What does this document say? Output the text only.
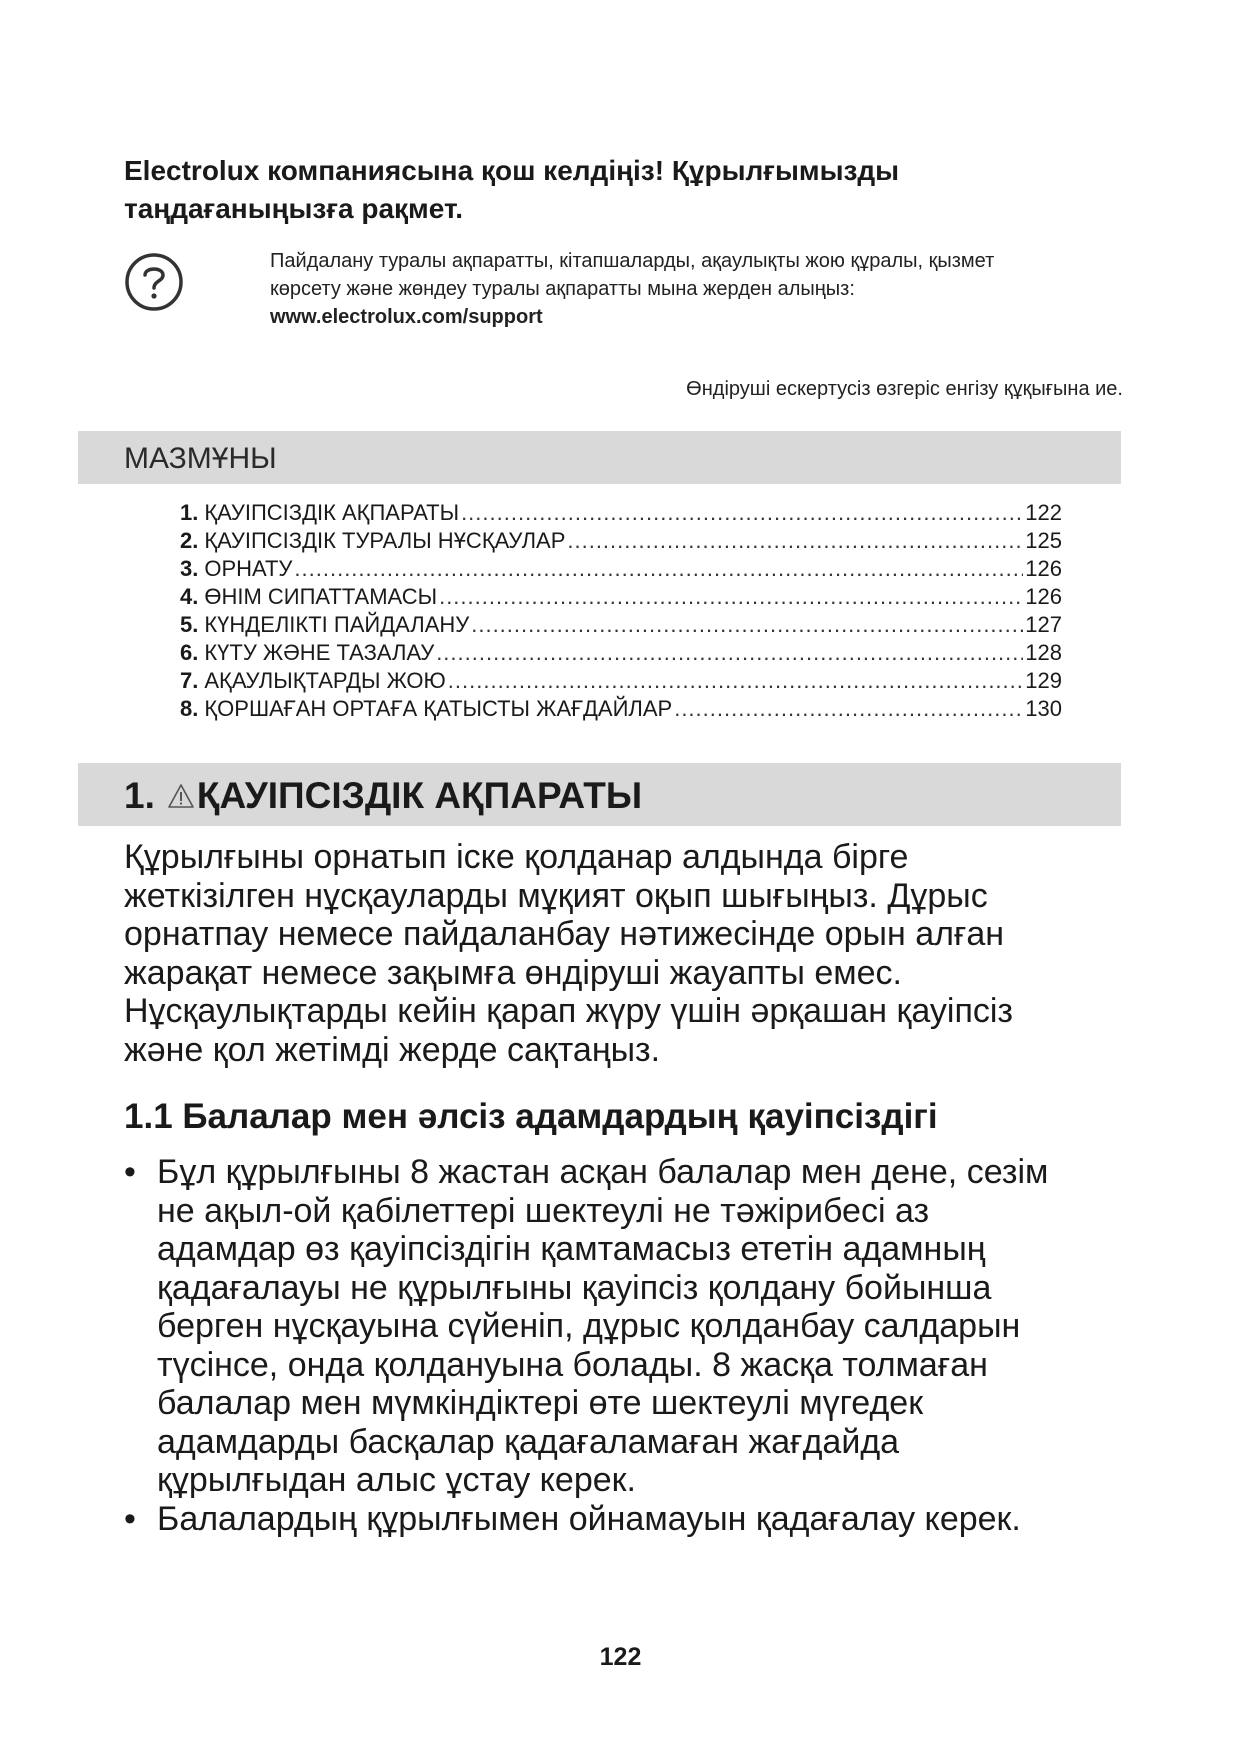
Electrolux компаниясына қош келдіңіз! Құрылғымызды
таңдағаныңызға рақмет.
Пайдалану туралы ақпаратты, кітапшаларды, ақаулықты жою құралы, қызмет
көрсету және жөндеу туралы ақпаратты мына жерден алыңыз:
www.electrolux.com/support
Өндіруші ескертусіз өзгеріс енгізу құқығына ие.
МАЗМҰНЫ
1. ҚАУІПСІЗДІК АҚПАРАТЫ .....	122
2. ҚАУІПСІЗДІК ТУРАЛЫ НҰСҚАУЛАР .....	125
3. ОРНАТУ .....	126
4. ӨНІМ СИПАТТАМАСЫ .....	126
5. КҮНДЕЛІКТІ ПАЙДАЛАНУ .....	127
6. КҮТУ ЖӘНЕ ТАЗАЛАУ .....	128
7. АҚАУЛЫҚТАРДЫ ЖОЮ .....	129
8. ҚОРШАҒАН ОРТАҒА ҚАТЫСТЫ ЖАҒДАЙЛАР .....	130
1. ҚАУІПСІЗДІК АҚПАРАТЫ
Құрылғыны орнатып іске қолданар алдында бірге
жеткізілген нұсқауларды мұқият оқып шығыңыз. Дұрыс
орнатпау немесе пайдаланбау нәтижесінде орын алған
жарақат немесе зақымға өндіруші жауапты емес.
Нұсқаулықтарды кейін қарап жүру үшін әрқашан қауіпсіз
және қол жетімді жерде сақтаңыз.
1.1 Балалар мен әлсіз адамдардың қауіпсіздігі
• Бұл құрылғыны 8 жастан асқан балалар мен дене, сезім
не ақыл-ой қабілеттері шектеулі не тәжірибесі аз
адамдар өз қауіпсіздігін қамтамасыз ететін адамның
қадағалауы не құрылғыны қауіпсіз қолдану бойынша
берген нұсқауына сүйеніп, дұрыс қолданбау салдарын
түсінсе, онда қолдануына болады. 8 жасқа толмаған
балалар мен мүмкіндіктері өте шектеулі мүгедек
адамдарды басқалар қадағаламаған жағдайда
құрылғыдан алыс ұстау керек.
• Балалардың құрылғымен ойнамауын қадағалау керек.
122
